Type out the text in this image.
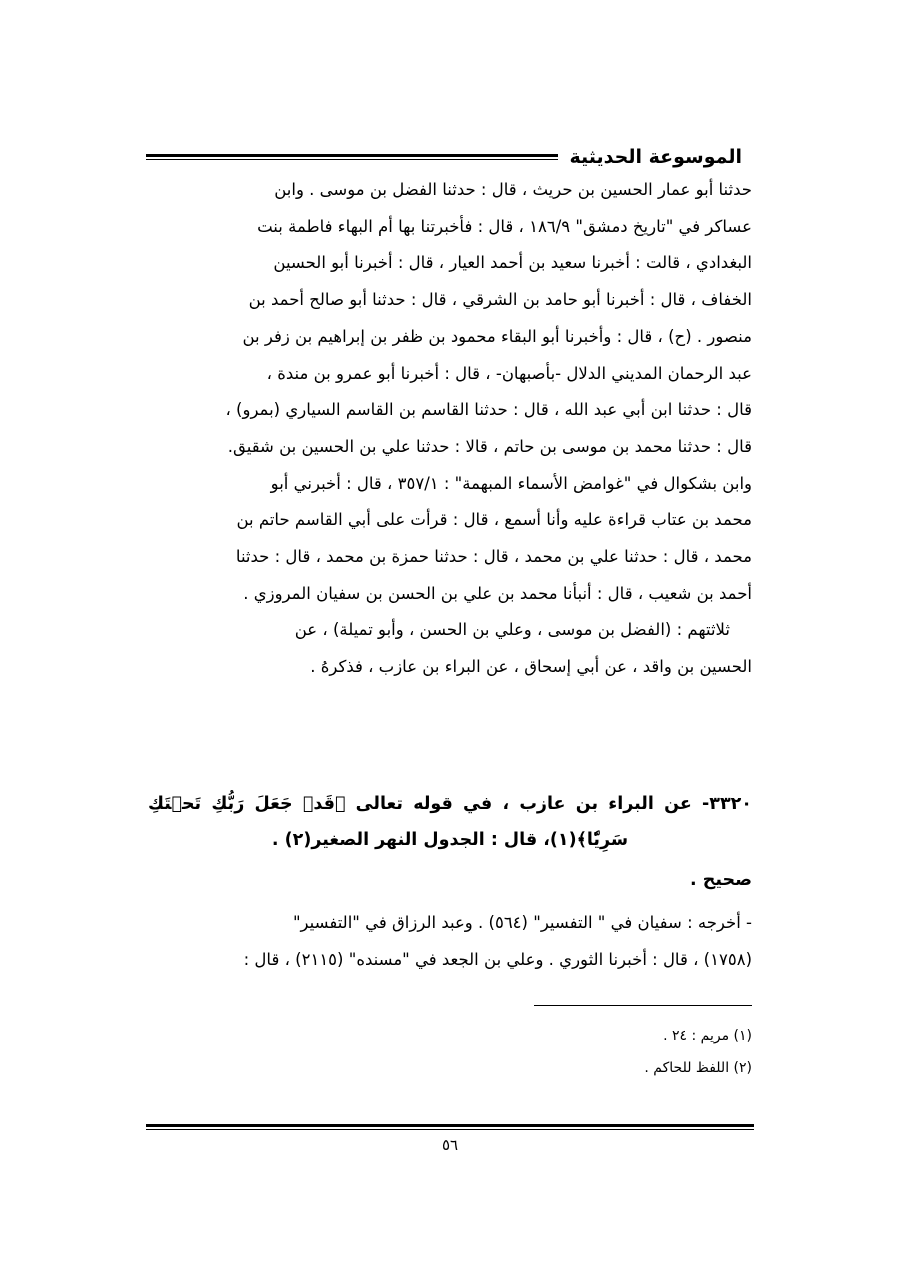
الموسوعة الحديثية

حدثنا أبو عمار الحسين بن حريث ، قال : حدثنا الفضل بن موسى . وابن

عساكر في "تاريخ دمشق" ١٨٦/٩ ، قال : فأخبرتنا بها أم البهاء فاطمة بنت

البغدادي ، قالت : أخبرنا سعيد بن أحمد العيار ، قال : أخبرنا أبو الحسين

الخفاف ، قال : أخبرنا أبو حامد بن الشرقي ، قال : حدثنا أبو صالح أحمد بن

منصور . (ح) ، قال : وأخبرنا أبو البقاء محمود بن ظفر بن إبراهيم بن زفر بن

عبد الرحمان المديني الدلال -بأصبهان- ، قال : أخبرنا أبو عمرو بن مندة ،

قال : حدثنا ابن أبي عبد الله ، قال : حدثنا القاسم بن القاسم السياري (بمرو) ،

قال : حدثنا محمد بن موسى بن حاتم ، قالا : حدثنا علي بن الحسين بن شقيق.

وابن بشكوال في "غوامض الأسماء المبهمة" : ٣٥٧/١ ، قال : أخبرني أبو

محمد بن عتاب قراءة عليه وأنا أسمع ، قال : قرأت على أبي القاسم حاتم بن

محمد ، قال : حدثنا علي بن محمد ، قال : حدثنا حمزة بن محمد ، قال : حدثنا

أحمد بن شعيب ، قال : أنبأنا محمد بن علي بن الحسن بن سفيان المروزي .

ثلاثتهم : (الفضل بن موسى ، وعلي بن الحسن ، وأبو تميلة) ، عن

الحسين بن واقد ، عن أبي إسحاق ، عن البراء بن عازب ، فذكرهُ .

٣٣٢٠- عن البراء بن عازب ، في قوله تعالى ﴿قَدۡ جَعَلَ رَبُّكِ تَحۡتَكِ
سَرِيّٗا﴾(١)، قال : الجدول النهر الصغير(٢) .
صحيح .

- أخرجه : سفيان في " التفسير" (٥٦٤) . وعبد الرزاق في "التفسير"

(١٧٥٨) ، قال : أخبرنا الثوري . وعلي بن الجعد في "مسنده" (٢١١٥) ، قال :

(١) مريم : ٢٤ .
(٢) اللفظ للحاكم .
٥٦
